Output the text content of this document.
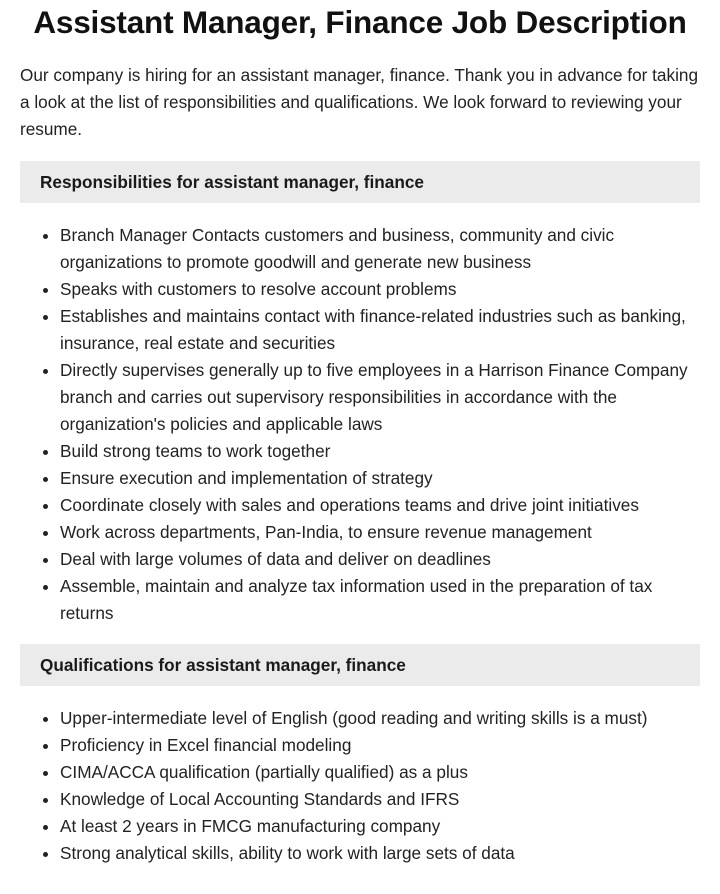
Assistant Manager, Finance Job Description

Our company is hiring for an assistant manager, finance. Thank you in advance for taking a look at the list of responsibilities and qualifications. We look forward to reviewing your resume.

Responsibilities for assistant manager, finance
• Branch Manager Contacts customers and business, community and civic organizations to promote goodwill and generate new business
• Speaks with customers to resolve account problems
• Establishes and maintains contact with finance-related industries such as banking, insurance, real estate and securities
• Directly supervises generally up to five employees in a Harrison Finance Company branch and carries out supervisory responsibilities in accordance with the organization's policies and applicable laws
• Build strong teams to work together
• Ensure execution and implementation of strategy
• Coordinate closely with sales and operations teams and drive joint initiatives
• Work across departments, Pan-India, to ensure revenue management
• Deal with large volumes of data and deliver on deadlines
• Assemble, maintain and analyze tax information used in the preparation of tax returns
Qualifications for assistant manager, finance
• Upper-intermediate level of English (good reading and writing skills is a must)
• Proficiency in Excel financial modeling
• CIMA/ACCA qualification (partially qualified) as a plus
• Knowledge of Local Accounting Standards and IFRS
• At least 2 years in FMCG manufacturing company
• Strong analytical skills, ability to work with large sets of data
